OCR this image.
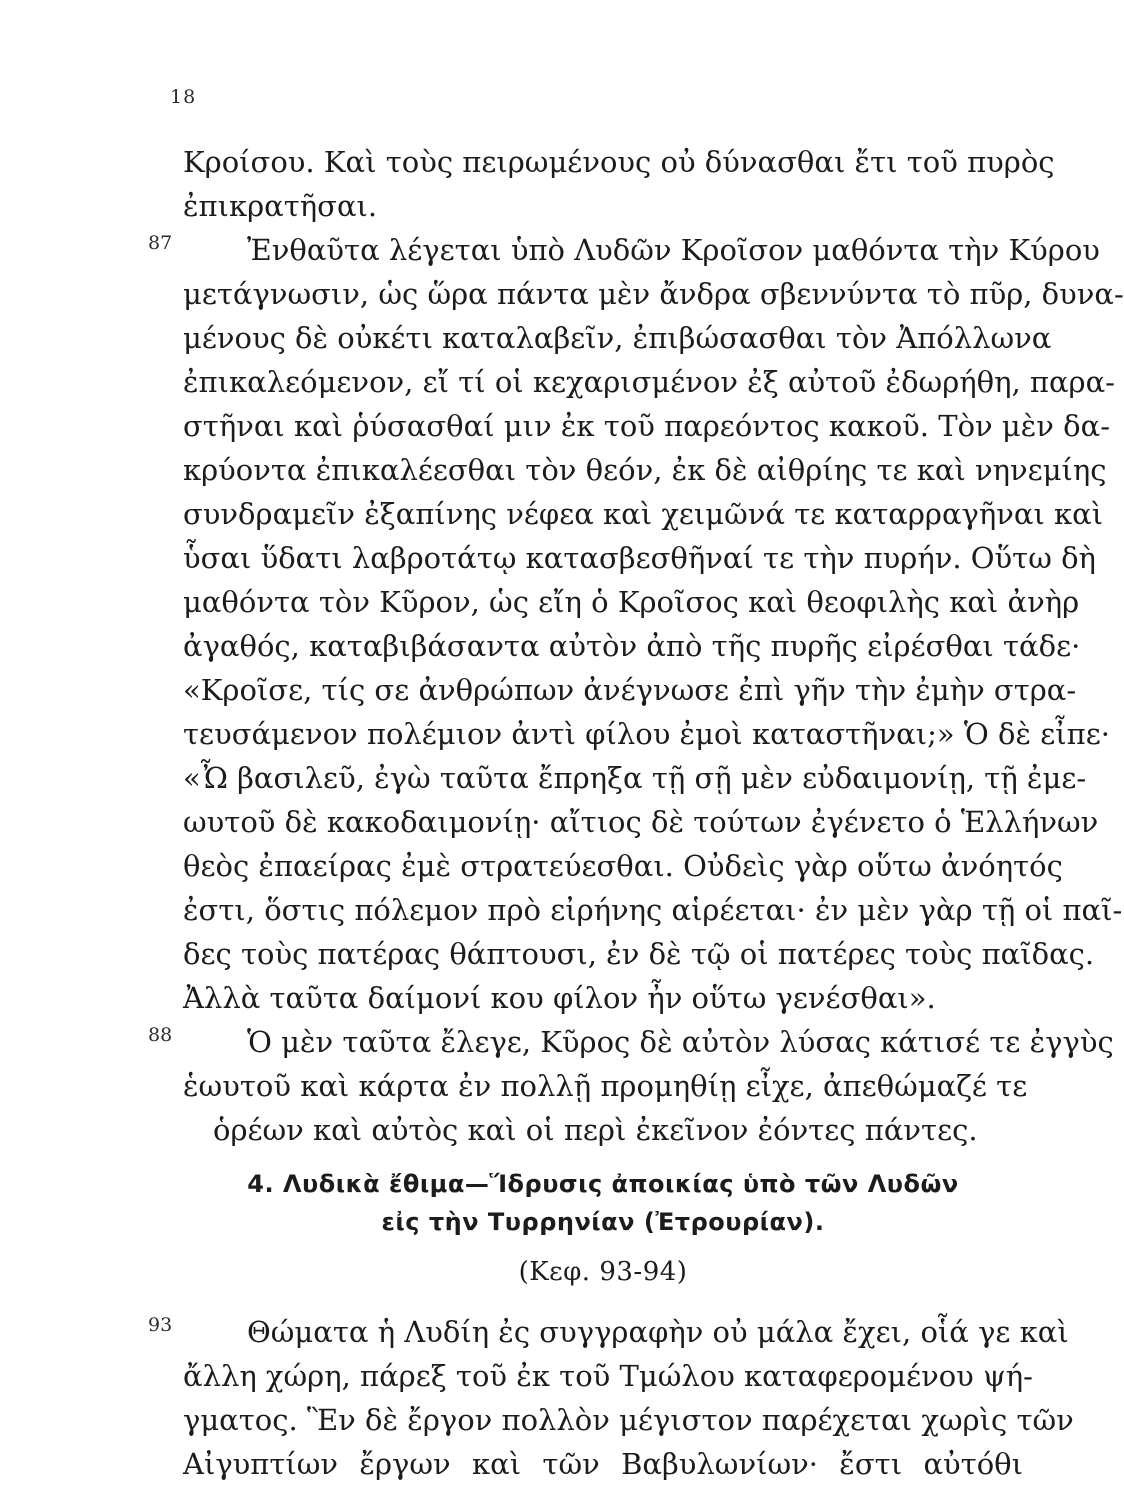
18
Κροίσου. Καὶ τοὺς πειρωμένους οὐ δύνασθαι ἔτι τοῦ πυρὸς
ἐπικρατῆσαι.
87	Ἐνθαῦτα λέγεται ὑπὸ Λυδῶν Κροῖσον μαθόντα τὴν Κύρου
μετάγνωσιν, ὡς ὥρα πάντα μὲν ἄνδρα σβεννύντα τὸ πῦρ, δυνα-
μένους δὲ οὐκέτι καταλαβεῖν, ἐπιβώσασθαι τὸν Ἀπόλλωνα
ἐπικαλεόμενον, εἴ τί οἱ κεχαρισμένον ἐξ αὐτοῦ ἐδωρήθη, παρα-
στῆναι καὶ ῥύσασθαί μιν ἐκ τοῦ παρεόντος κακοῦ. Τὸν μὲν δα-
κρύοντα ἐπικαλέεσθαι τὸν θεόν, ἐκ δὲ αἰθρίης τε καὶ νηνεμίης
συνδραμεῖν ἐξαπίνης νέφεα καὶ χειμῶνά τε καταρραγῆναι καὶ
ὗσαι ὕδατι λαβροτάτῳ κατασβεσθῆναί τε τὴν πυρήν. Οὕτω δὴ
μαθόντα τὸν Κῦρον, ὡς εἴη ὁ Κροῖσος καὶ θεοφιλὴς καὶ ἀνὴρ
ἀγαθός, καταβιβάσαντα αὐτὸν ἀπὸ τῆς πυρῆς εἰρέσθαι τάδε·
«Κροῖσε, τίς σε ἀνθρώπων ἀνέγνωσε ἐπὶ γῆν τὴν ἐμὴν στρα-
τευσάμενον πολέμιον ἀντὶ φίλου ἐμοὶ καταστῆναι;» Ὁ δὲ εἶπε·
«Ὦ βασιλεῦ, ἐγὼ ταῦτα ἔπρηξα τῇ σῇ μὲν εὐδαιμονίῃ, τῇ ἐμε-
ωυτοῦ δὲ κακοδαιμονίῃ· αἴτιος δὲ τούτων ἐγένετο ὁ Ἑλλήνων
θεὸς ἐπαείρας ἐμὲ στρατεύεσθαι. Οὐδεὶς γὰρ οὕτω ἀνόητός
ἐστι, ὅστις πόλεμον πρὸ εἰρήνης αἱρέεται· ἐν μὲν γὰρ τῇ οἱ παῖ-
δες τοὺς πατέρας θάπτουσι, ἐν δὲ τῷ οἱ πατέρες τοὺς παῖδας.
Ἀλλὰ ταῦτα δαίμονί κου φίλον ἦν οὕτω γενέσθαι».
88	Ὁ μὲν ταῦτα ἔλεγε, Κῦρος δὲ αὐτὸν λύσας κάτισέ τε ἐγγὺς
ἑωυτοῦ καὶ κάρτα ἐν πολλῇ προμηθίῃ εἶχε, ἀπεθώμαζέ τε
ὁρέων καὶ αὐτὸς καὶ οἱ περὶ ἐκεῖνον ἐόντες πάντες.
4. Λυδικὰ ἔθιμα—Ἵδρυσις ἀποικίας ὑπὸ τῶν Λυδῶν
εἰς τὴν Τυρρηνίαν (Ἐτρουρίαν).
(Κεφ. 93-94)
93	Θώματα ἡ Λυδίη ἐς συγγραφὴν οὐ μάλα ἔχει, οἷά γε καὶ
ἄλλη χώρη, πάρεξ τοῦ ἐκ τοῦ Τμώλου καταφερομένου ψή-
γματος. Ἓν δὲ ἔργον πολλὸν μέγιστον παρέχεται χωρὶς τῶν
Αἰγυπτίων ἔργων καὶ τῶν Βαβυλωνίων· ἔστι αὐτόθι
